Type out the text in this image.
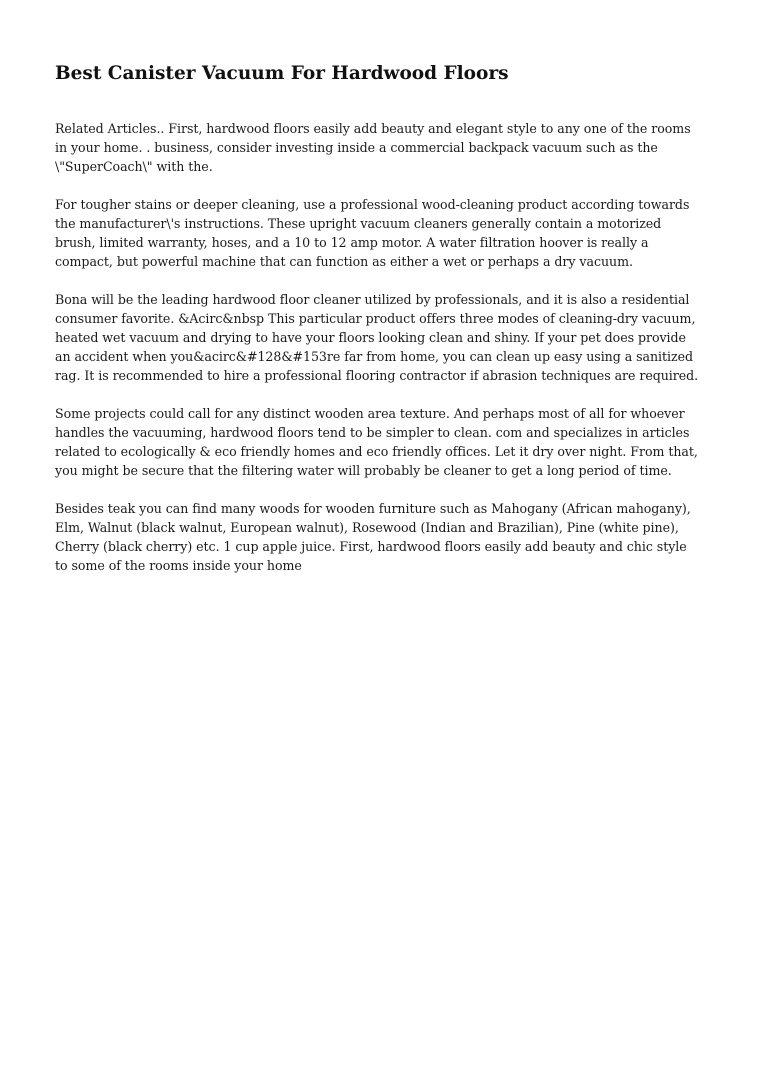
Best Canister Vacuum For Hardwood Floors

Related Articles.. First, hardwood floors easily add beauty and elegant style to any one of the rooms
in your home. . business, consider investing inside a commercial backpack vacuum such as the
\"SuperCoach\" with the.

For tougher stains or deeper cleaning, use a professional wood-cleaning product according towards
the manufacturer\'s instructions. These upright vacuum cleaners generally contain a motorized
brush, limited warranty, hoses, and a 10 to 12 amp motor. A water filtration hoover is really a
compact, but powerful machine that can function as either a wet or perhaps a dry vacuum.

Bona will be the leading hardwood floor cleaner utilized by professionals, and it is also a residential
consumer favorite. &Acirc&nbsp This particular product offers three modes of cleaning-dry vacuum,
heated wet vacuum and drying to have your floors looking clean and shiny. If your pet does provide
an accident when you&acirc&#128&#153re far from home, you can clean up easy using a sanitized
rag. It is recommended to hire a professional flooring contractor if abrasion techniques are required.

Some projects could call for any distinct wooden area texture. And perhaps most of all for whoever
handles the vacuuming, hardwood floors tend to be simpler to clean. com and specializes in articles
related to ecologically & eco friendly homes and eco friendly offices. Let it dry over night. From that,
you might be secure that the filtering water will probably be cleaner to get a long period of time.

Besides teak you can find many woods for wooden furniture such as Mahogany (African mahogany),
Elm, Walnut (black walnut, European walnut), Rosewood (Indian and Brazilian), Pine (white pine),
Cherry (black cherry) etc. 1 cup apple juice. First, hardwood floors easily add beauty and chic style
to some of the rooms inside your home
